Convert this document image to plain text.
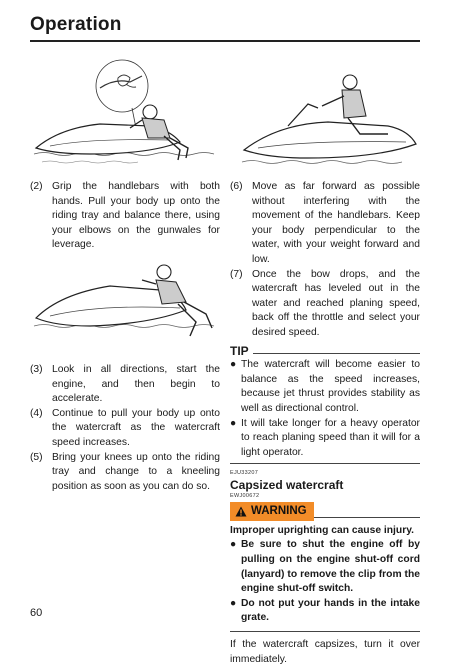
Operation
(2) Grip the handlebars with both hands. Pull your body up onto the riding tray and balance there, using your elbows on the gunwales for leverage.
(3) Look in all directions, start the engine, and then begin to accelerate.
(4) Continue to pull your body up onto the watercraft as the watercraft speed increases.
(5) Bring your knees up onto the riding tray and change to a kneeling position as soon as you can do so.
(6) Move as far forward as possible without interfering with the movement of the handlebars. Keep your body perpendicular to the water, with your weight forward and low.
(7) Once the bow drops, and the watercraft has leveled out in the water and reached planing speed, back off the throttle and select your desired speed.
TIP
● The watercraft will become easier to balance as the speed increases, because jet thrust provides stability as well as directional control.
● It will take longer for a heavy operator to reach planing speed than it will for a light operator.
EJU33207
Capsized watercraft
EWJ00672
WARNING
Improper uprighting can cause injury.
● Be sure to shut the engine off by pulling on the engine shut-off cord (lanyard) to remove the clip from the engine shut-off switch.
● Do not put your hands in the intake grate.
If the watercraft capsizes, turn it over immediately.
60
